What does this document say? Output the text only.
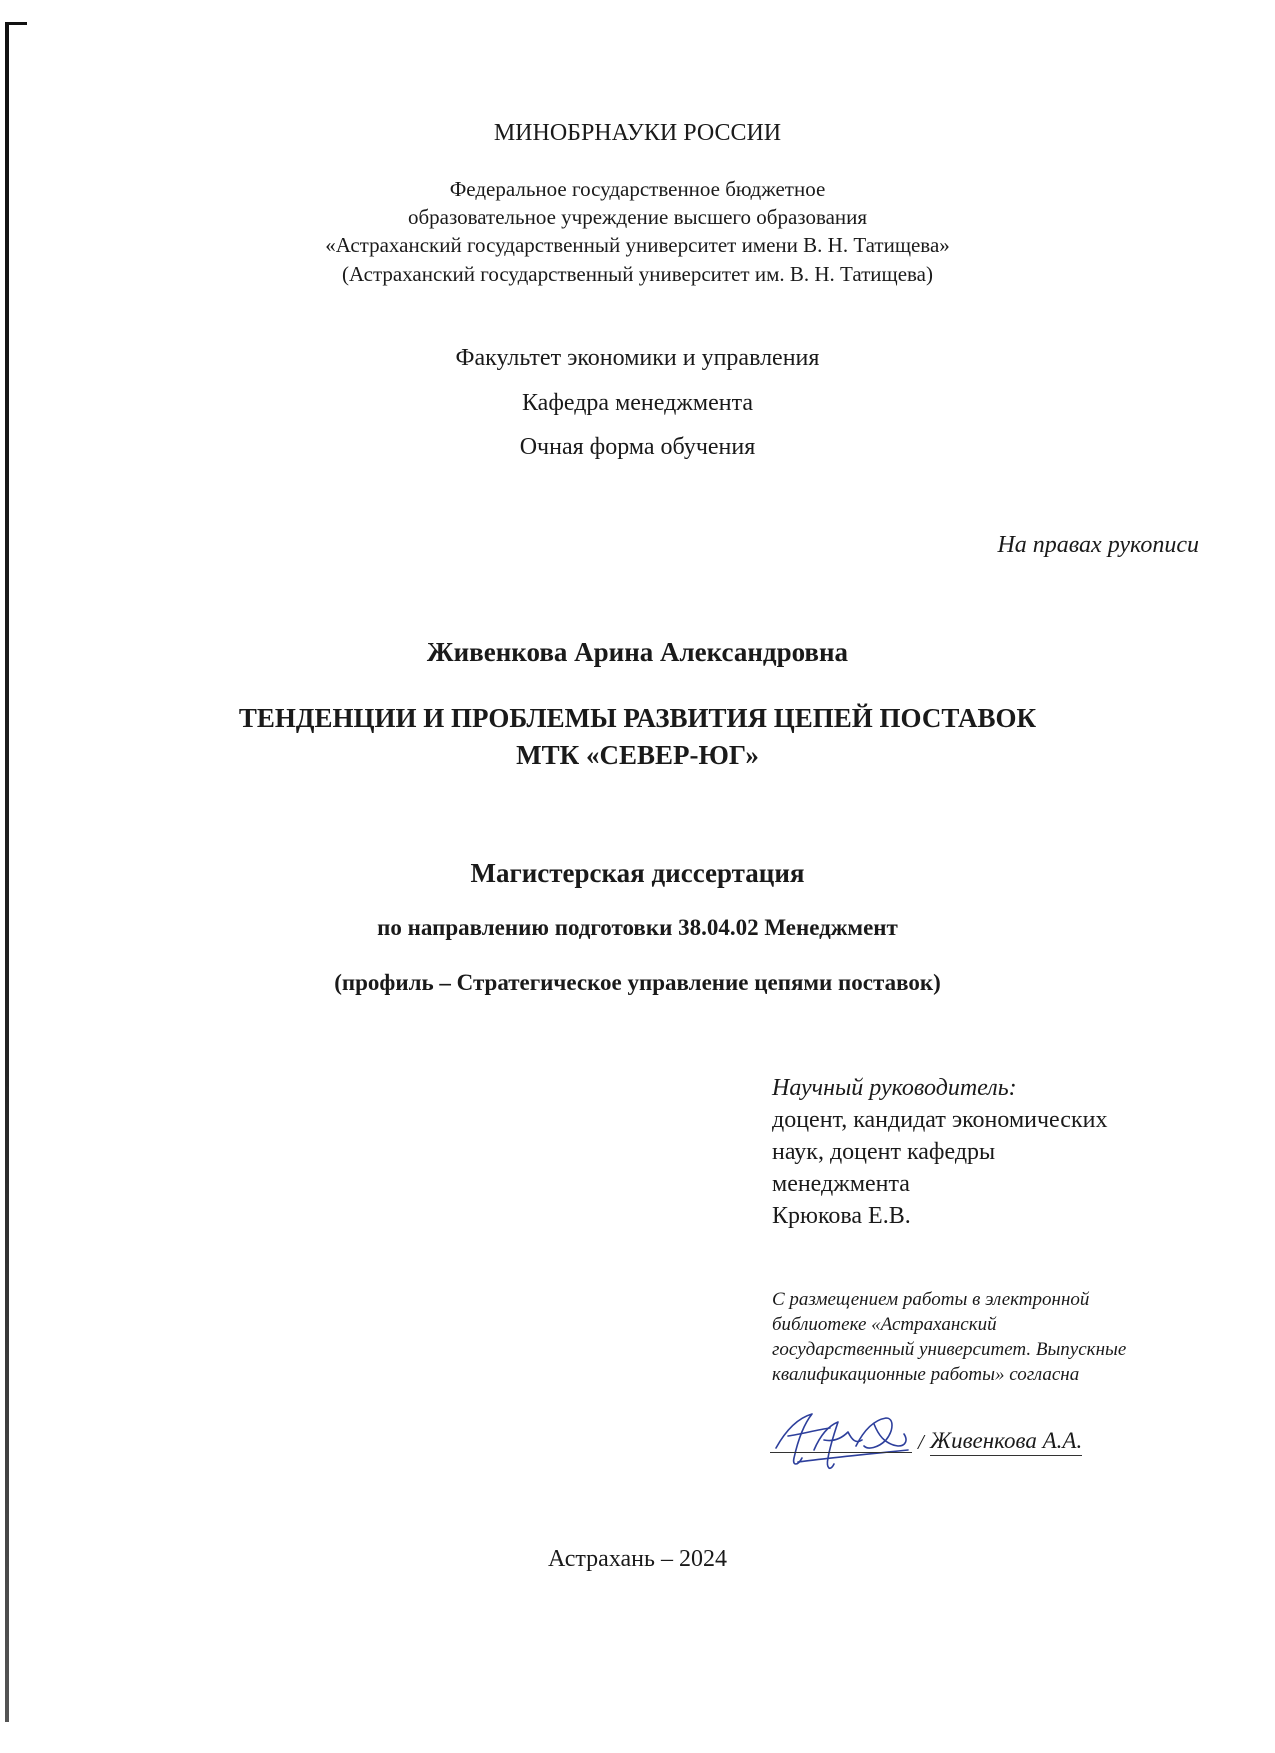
МИНОБРНАУКИ РОССИИ
Федеральное государственное бюджетное
образовательное учреждение высшего образования
«Астраханский государственный университет имени В. Н. Татищева»
(Астраханский государственный университет им. В. Н. Татищева)
Факультет экономики и управления
Кафедра менеджмента
Очная форма обучения
На правах рукописи
Живенкова Арина Александровна
ТЕНДЕНЦИИ И ПРОБЛЕМЫ РАЗВИТИЯ ЦЕПЕЙ ПОСТАВОК
МТК «СЕВЕР-ЮГ»
Магистерская диссертация
по направлению подготовки 38.04.02 Менеджмент
(профиль – Стратегическое управление цепями поставок)
Научный руководитель:
доцент, кандидат экономических
наук, доцент кафедры
менеджмента
Крюкова Е.В.
С размещением работы в электронной
библиотеке «Астраханский
государственный университет. Выпускные
квалификационные работы» согласна
/ Живенкова А.А.
Астрахань – 2024
